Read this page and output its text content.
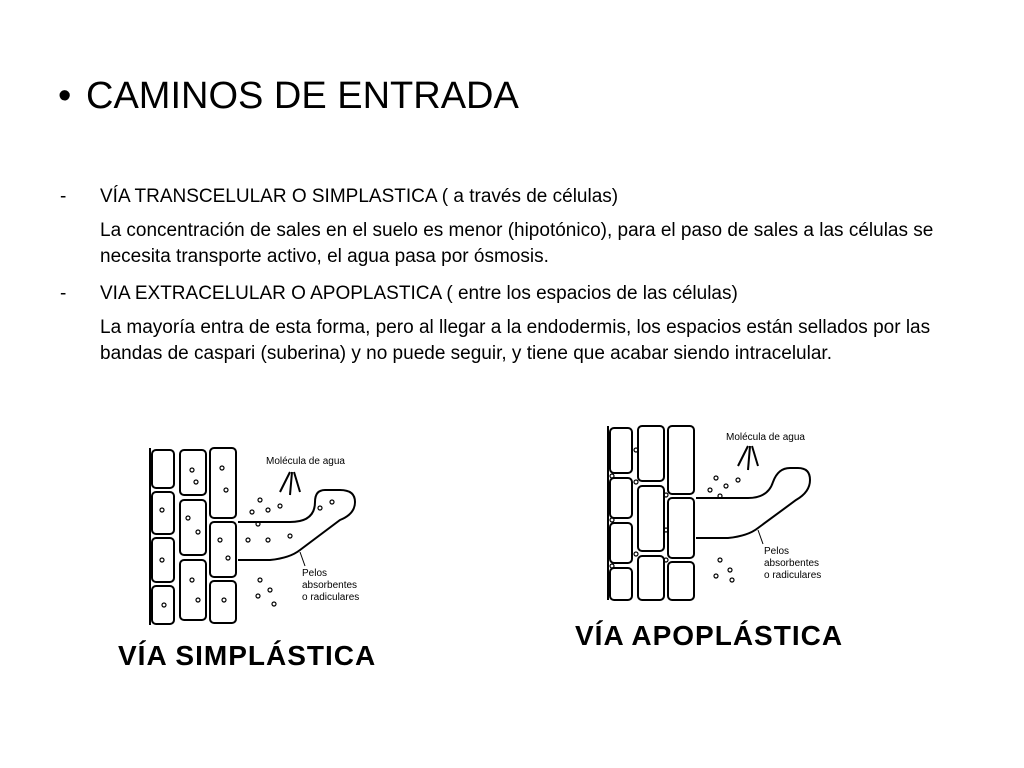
• CAMINOS DE ENTRADA
- VÍA TRANSCELULAR O SIMPLASTICA ( a través de células)
La concentración de sales en el suelo es menor (hipotónico), para el paso de sales a las células se necesita transporte activo, el agua pasa por ósmosis.
- VIA EXTRACELULAR O APOPLASTICA ( entre los espacios de las células)
La mayoría entra de esta forma, pero al llegar a la endodermis, los espacios están sellados por las bandas de caspari (suberina) y no puede seguir, y tiene que acabar siendo intracelular.
Molécula de agua
Pelos
absorbentes
o radiculares
VÍA SIMPLÁSTICA
Molécula de agua
Pelos
absorbentes
o radiculares
VÍA APOPLÁSTICA
